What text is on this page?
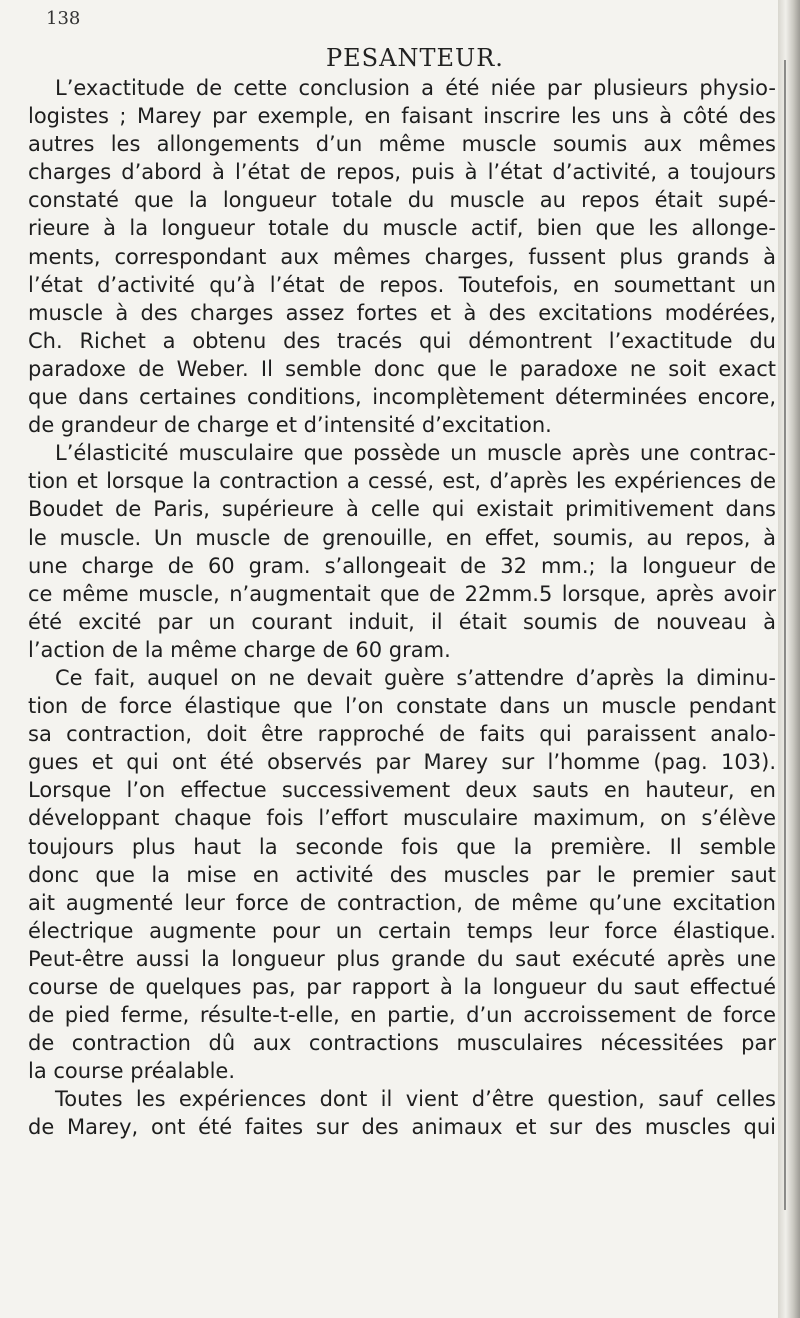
138
PESANTEUR.
L’exactitude de cette conclusion a été niée par plusieurs physio-
logistes ; Marey par exemple, en faisant inscrire les uns à côté des
autres les allongements d’un même muscle soumis aux mêmes
charges d’abord à l’état de repos, puis à l’état d’activité, a toujours
constaté que la longueur totale du muscle au repos était supé-
rieure à la longueur totale du muscle actif, bien que les allonge-
ments, correspondant aux mêmes charges, fussent plus grands à
l’état d’activité qu’à l’état de repos. Toutefois, en soumettant un
muscle à des charges assez fortes et à des excitations modérées,
Ch. Richet a obtenu des tracés qui démontrent l’exactitude du
paradoxe de Weber. Il semble donc que le paradoxe ne soit exact
que dans certaines conditions, incomplètement déterminées encore,
de grandeur de charge et d’intensité d’excitation.
L’élasticité musculaire que possède un muscle après une contrac-
tion et lorsque la contraction a cessé, est, d’après les expériences de
Boudet de Paris, supérieure à celle qui existait primitivement dans
le muscle. Un muscle de grenouille, en effet, soumis, au repos, à
une charge de 60 gram. s’allongeait de 32 mm.; la longueur de
ce même muscle, n’augmentait que de 22mm.5 lorsque, après avoir
été excité par un courant induit, il était soumis de nouveau à
l’action de la même charge de 60 gram.
Ce fait, auquel on ne devait guère s’attendre d’après la diminu-
tion de force élastique que l’on constate dans un muscle pendant
sa contraction, doit être rapproché de faits qui paraissent analo-
gues et qui ont été observés par Marey sur l’homme (pag. 103).
Lorsque l’on effectue successivement deux sauts en hauteur, en
développant chaque fois l’effort musculaire maximum, on s’élève
toujours plus haut la seconde fois que la première. Il semble
donc que la mise en activité des muscles par le premier saut
ait augmenté leur force de contraction, de même qu’une excitation
électrique augmente pour un certain temps leur force élastique.
Peut-être aussi la longueur plus grande du saut exécuté après une
course de quelques pas, par rapport à la longueur du saut effectué
de pied ferme, résulte-t-elle, en partie, d’un accroissement de force
de contraction dû aux contractions musculaires nécessitées par
la course préalable.
Toutes les expériences dont il vient d’être question, sauf celles
de Marey, ont été faites sur des animaux et sur des muscles qui
